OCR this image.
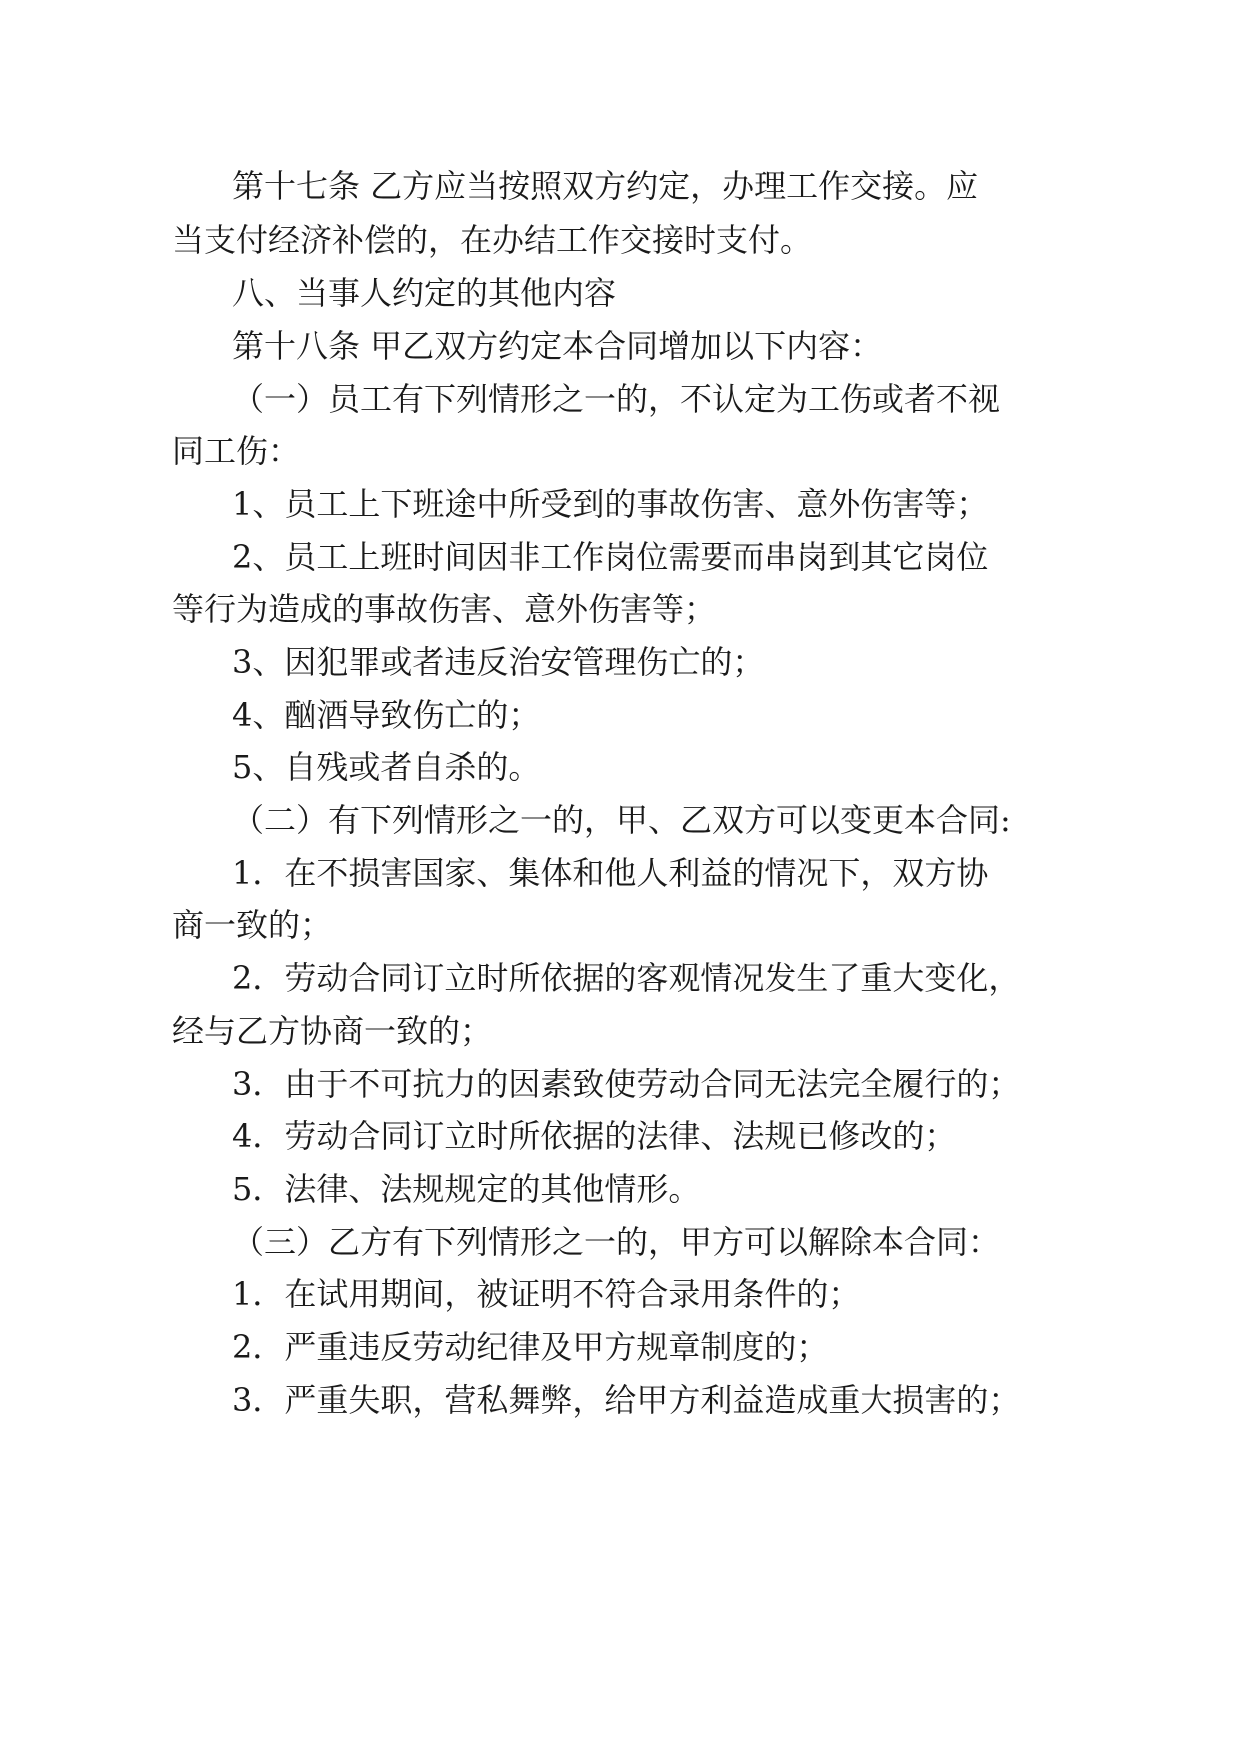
第十七条 乙方应当按照双方约定，办理工作交接。应

当支付经济补偿的，在办结工作交接时支付。

八、当事人约定的其他内容

第十八条 甲乙双方约定本合同增加以下内容：

（一）员工有下列情形之一的，不认定为工伤或者不视

同工伤：

1、员工上下班途中所受到的事故伤害、意外伤害等；

2、员工上班时间因非工作岗位需要而串岗到其它岗位

等行为造成的事故伤害、意外伤害等；

3、因犯罪或者违反治安管理伤亡的；

4、酗酒导致伤亡的；

5、自残或者自杀的。

（二）有下列情形之一的，甲、乙双方可以变更本合同:

1．在不损害国家、集体和他人利益的情况下，双方协

商一致的；

2．劳动合同订立时所依据的客观情况发生了重大变化，

经与乙方协商一致的；

3．由于不可抗力的因素致使劳动合同无法完全履行的；

4．劳动合同订立时所依据的法律、法规已修改的；

5．法律、法规规定的其他情形。

（三）乙方有下列情形之一的，甲方可以解除本合同：

1．在试用期间，被证明不符合录用条件的；

2．严重违反劳动纪律及甲方规章制度的；

3．严重失职，营私舞弊，给甲方利益造成重大损害的；
